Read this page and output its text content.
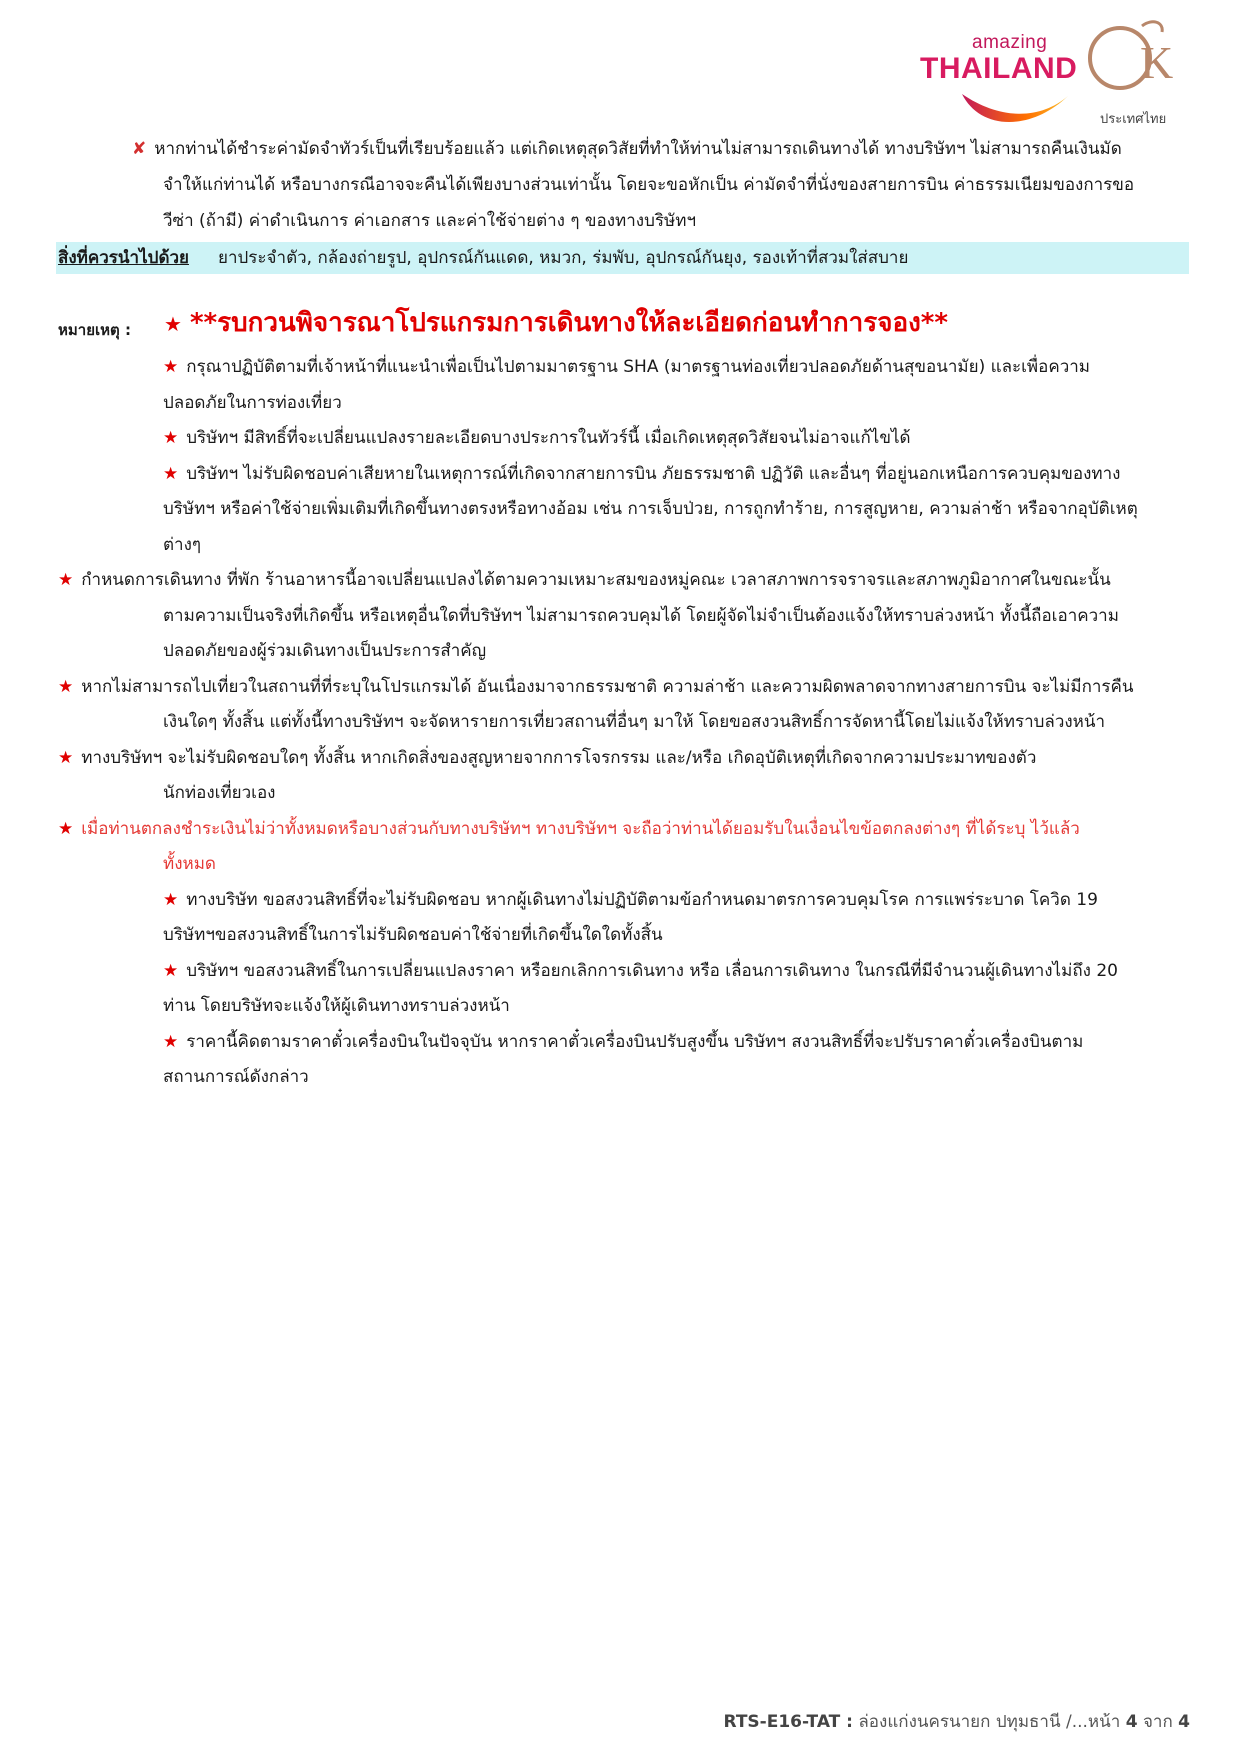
amazing
THAILAND K
ประเทศไทย
✘ หากท่านได้ชำระค่ามัดจำทัวร์เป็นที่เรียบร้อยแล้ว แต่เกิดเหตุสุดวิสัยที่ทำให้ท่านไม่สามารถเดินทางได้ ทางบริษัทฯ ไม่สามารถคืนเงินมัด
จำให้แก่ท่านได้ หรือบางกรณีอาจจะคืนได้เพียงบางส่วนเท่านั้น โดยจะขอหักเป็น ค่ามัดจำที่นั่งของสายการบิน ค่าธรรมเนียมของการขอ
วีซ่า (ถ้ามี) ค่าดำเนินการ ค่าเอกสาร และค่าใช้จ่ายต่าง ๆ ของทางบริษัทฯ
สิ่งที่ควรนำไปด้วย ยาประจำตัว, กล้องถ่ายรูป, อุปกรณ์กันแดด, หมวก, ร่มพับ, อุปกรณ์กันยุง, รองเท้าที่สวมใส่สบาย
หมายเหตุ : ★ **รบกวนพิจารณาโปรแกรมการเดินทางให้ละเอียดก่อนทำการจอง**
★ กรุณาปฏิบัติตามที่เจ้าหน้าที่แนะนำเพื่อเป็นไปตามมาตรฐาน SHA (มาตรฐานท่องเที่ยวปลอดภัยด้านสุขอนามัย) และเพื่อความ
ปลอดภัยในการท่องเที่ยว
★ บริษัทฯ มีสิทธิ์ที่จะเปลี่ยนแปลงรายละเอียดบางประการในทัวร์นี้ เมื่อเกิดเหตุสุดวิสัยจนไม่อาจแก้ไขได้
★ บริษัทฯ ไม่รับผิดชอบค่าเสียหายในเหตุการณ์ที่เกิดจากสายการบิน ภัยธรรมชาติ ปฏิวัติ และอื่นๆ ที่อยู่นอกเหนือการควบคุมของทาง
บริษัทฯ หรือค่าใช้จ่ายเพิ่มเติมที่เกิดขึ้นทางตรงหรือทางอ้อม เช่น การเจ็บป่วย, การถูกทำร้าย, การสูญหาย, ความล่าช้า หรือจากอุบัติเหตุ
ต่างๆ
★ กำหนดการเดินทาง ที่พัก ร้านอาหารนี้อาจเปลี่ยนแปลงได้ตามความเหมาะสมของหมู่คณะ เวลาสภาพการจราจรและสภาพภูมิอากาศในขณะนั้น
ตามความเป็นจริงที่เกิดขึ้น หรือเหตุอื่นใดที่บริษัทฯ ไม่สามารถควบคุมได้ โดยผู้จัดไม่จำเป็นต้องแจ้งให้ทราบล่วงหน้า ทั้งนี้ถือเอาความ
ปลอดภัยของผู้ร่วมเดินทางเป็นประการสำคัญ
★ หากไม่สามารถไปเที่ยวในสถานที่ที่ระบุในโปรแกรมได้ อันเนื่องมาจากธรรมชาติ ความล่าช้า และความผิดพลาดจากทางสายการบิน จะไม่มีการคืน
เงินใดๆ ทั้งสิ้น แต่ทั้งนี้ทางบริษัทฯ จะจัดหารายการเที่ยวสถานที่อื่นๆ มาให้ โดยขอสงวนสิทธิ์การจัดหานี้โดยไม่แจ้งให้ทราบล่วงหน้า
★ ทางบริษัทฯ จะไม่รับผิดชอบใดๆ ทั้งสิ้น หากเกิดสิ่งของสูญหายจากการโจรกรรม และ/หรือ เกิดอุบัติเหตุที่เกิดจากความประมาทของตัว
นักท่องเที่ยวเอง
★ เมื่อท่านตกลงชำระเงินไม่ว่าทั้งหมดหรือบางส่วนกับทางบริษัทฯ ทางบริษัทฯ จะถือว่าท่านได้ยอมรับในเงื่อนไขข้อตกลงต่างๆ ที่ได้ระบุ ไว้แล้ว
ทั้งหมด
★ ทางบริษัท ขอสงวนสิทธิ์ที่จะไม่รับผิดชอบ หากผู้เดินทางไม่ปฏิบัติตามข้อกำหนดมาตรการควบคุมโรค การแพร่ระบาด โควิด 19
บริษัทฯขอสงวนสิทธิ์ในการไม่รับผิดชอบค่าใช้จ่ายที่เกิดขึ้นใดใดทั้งสิ้น
★ บริษัทฯ ขอสงวนสิทธิ์ในการเปลี่ยนแปลงราคา หรือยกเลิกการเดินทาง หรือ เลื่อนการเดินทาง ในกรณีที่มีจำนวนผู้เดินทางไม่ถึง 20
ท่าน โดยบริษัทจะแจ้งให้ผู้เดินทางทราบล่วงหน้า
★ ราคานี้คิดตามราคาตั๋วเครื่องบินในปัจจุบัน หากราคาตั๋วเครื่องบินปรับสูงขึ้น บริษัทฯ สงวนสิทธิ์ที่จะปรับราคาตั๋วเครื่องบินตาม
สถานการณ์ดังกล่าว
RTS-E16-TAT : ล่องแก่งนครนายก ปทุมธานี /...หน้า 4 จาก 4
